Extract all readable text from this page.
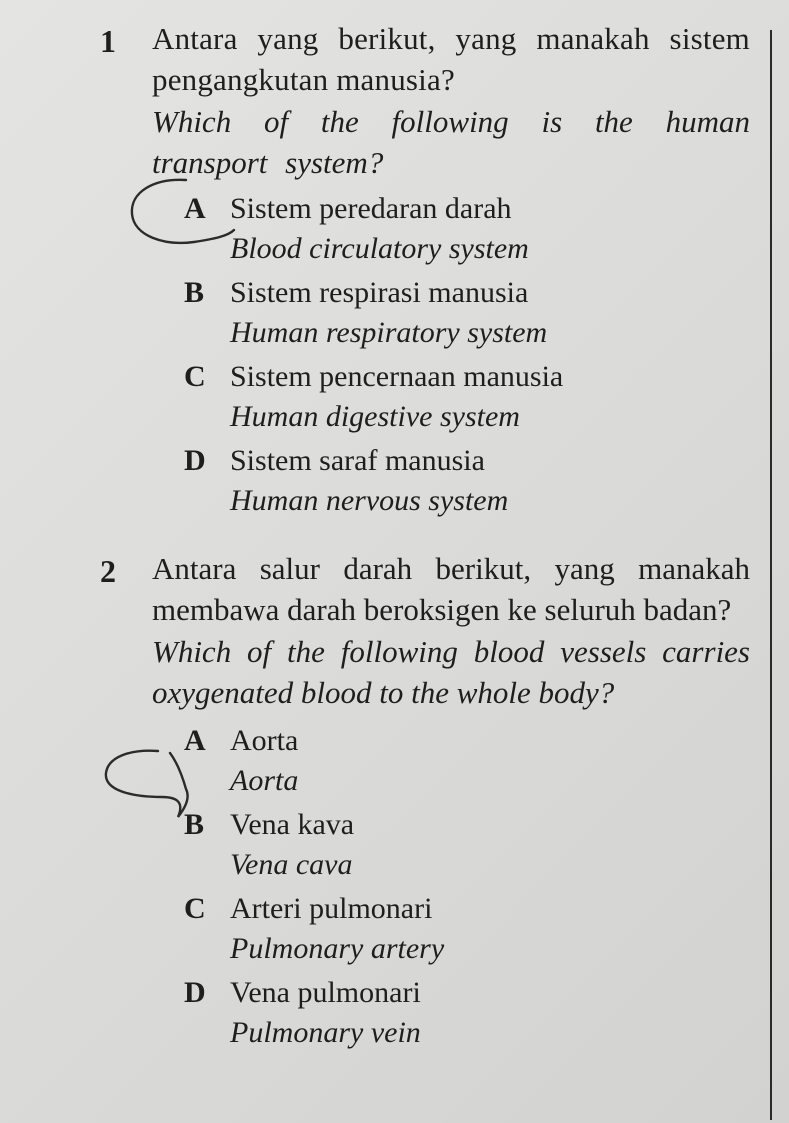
1 Antara yang berikut, yang manakah sistem pengangkutan manusia?
Which of the following is the human transport system?
A Sistem peredaran darah
Blood circulatory system
B Sistem respirasi manusia
Human respiratory system
C Sistem pencernaan manusia
Human digestive system
D Sistem saraf manusia
Human nervous system
2 Antara salur darah berikut, yang manakah membawa darah beroksigen ke seluruh badan?
Which of the following blood vessels carries oxygenated blood to the whole body?
A Aorta
Aorta
B Vena kava
Vena cava
C Arteri pulmonari
Pulmonary artery
D Vena pulmonari
Pulmonary vein
